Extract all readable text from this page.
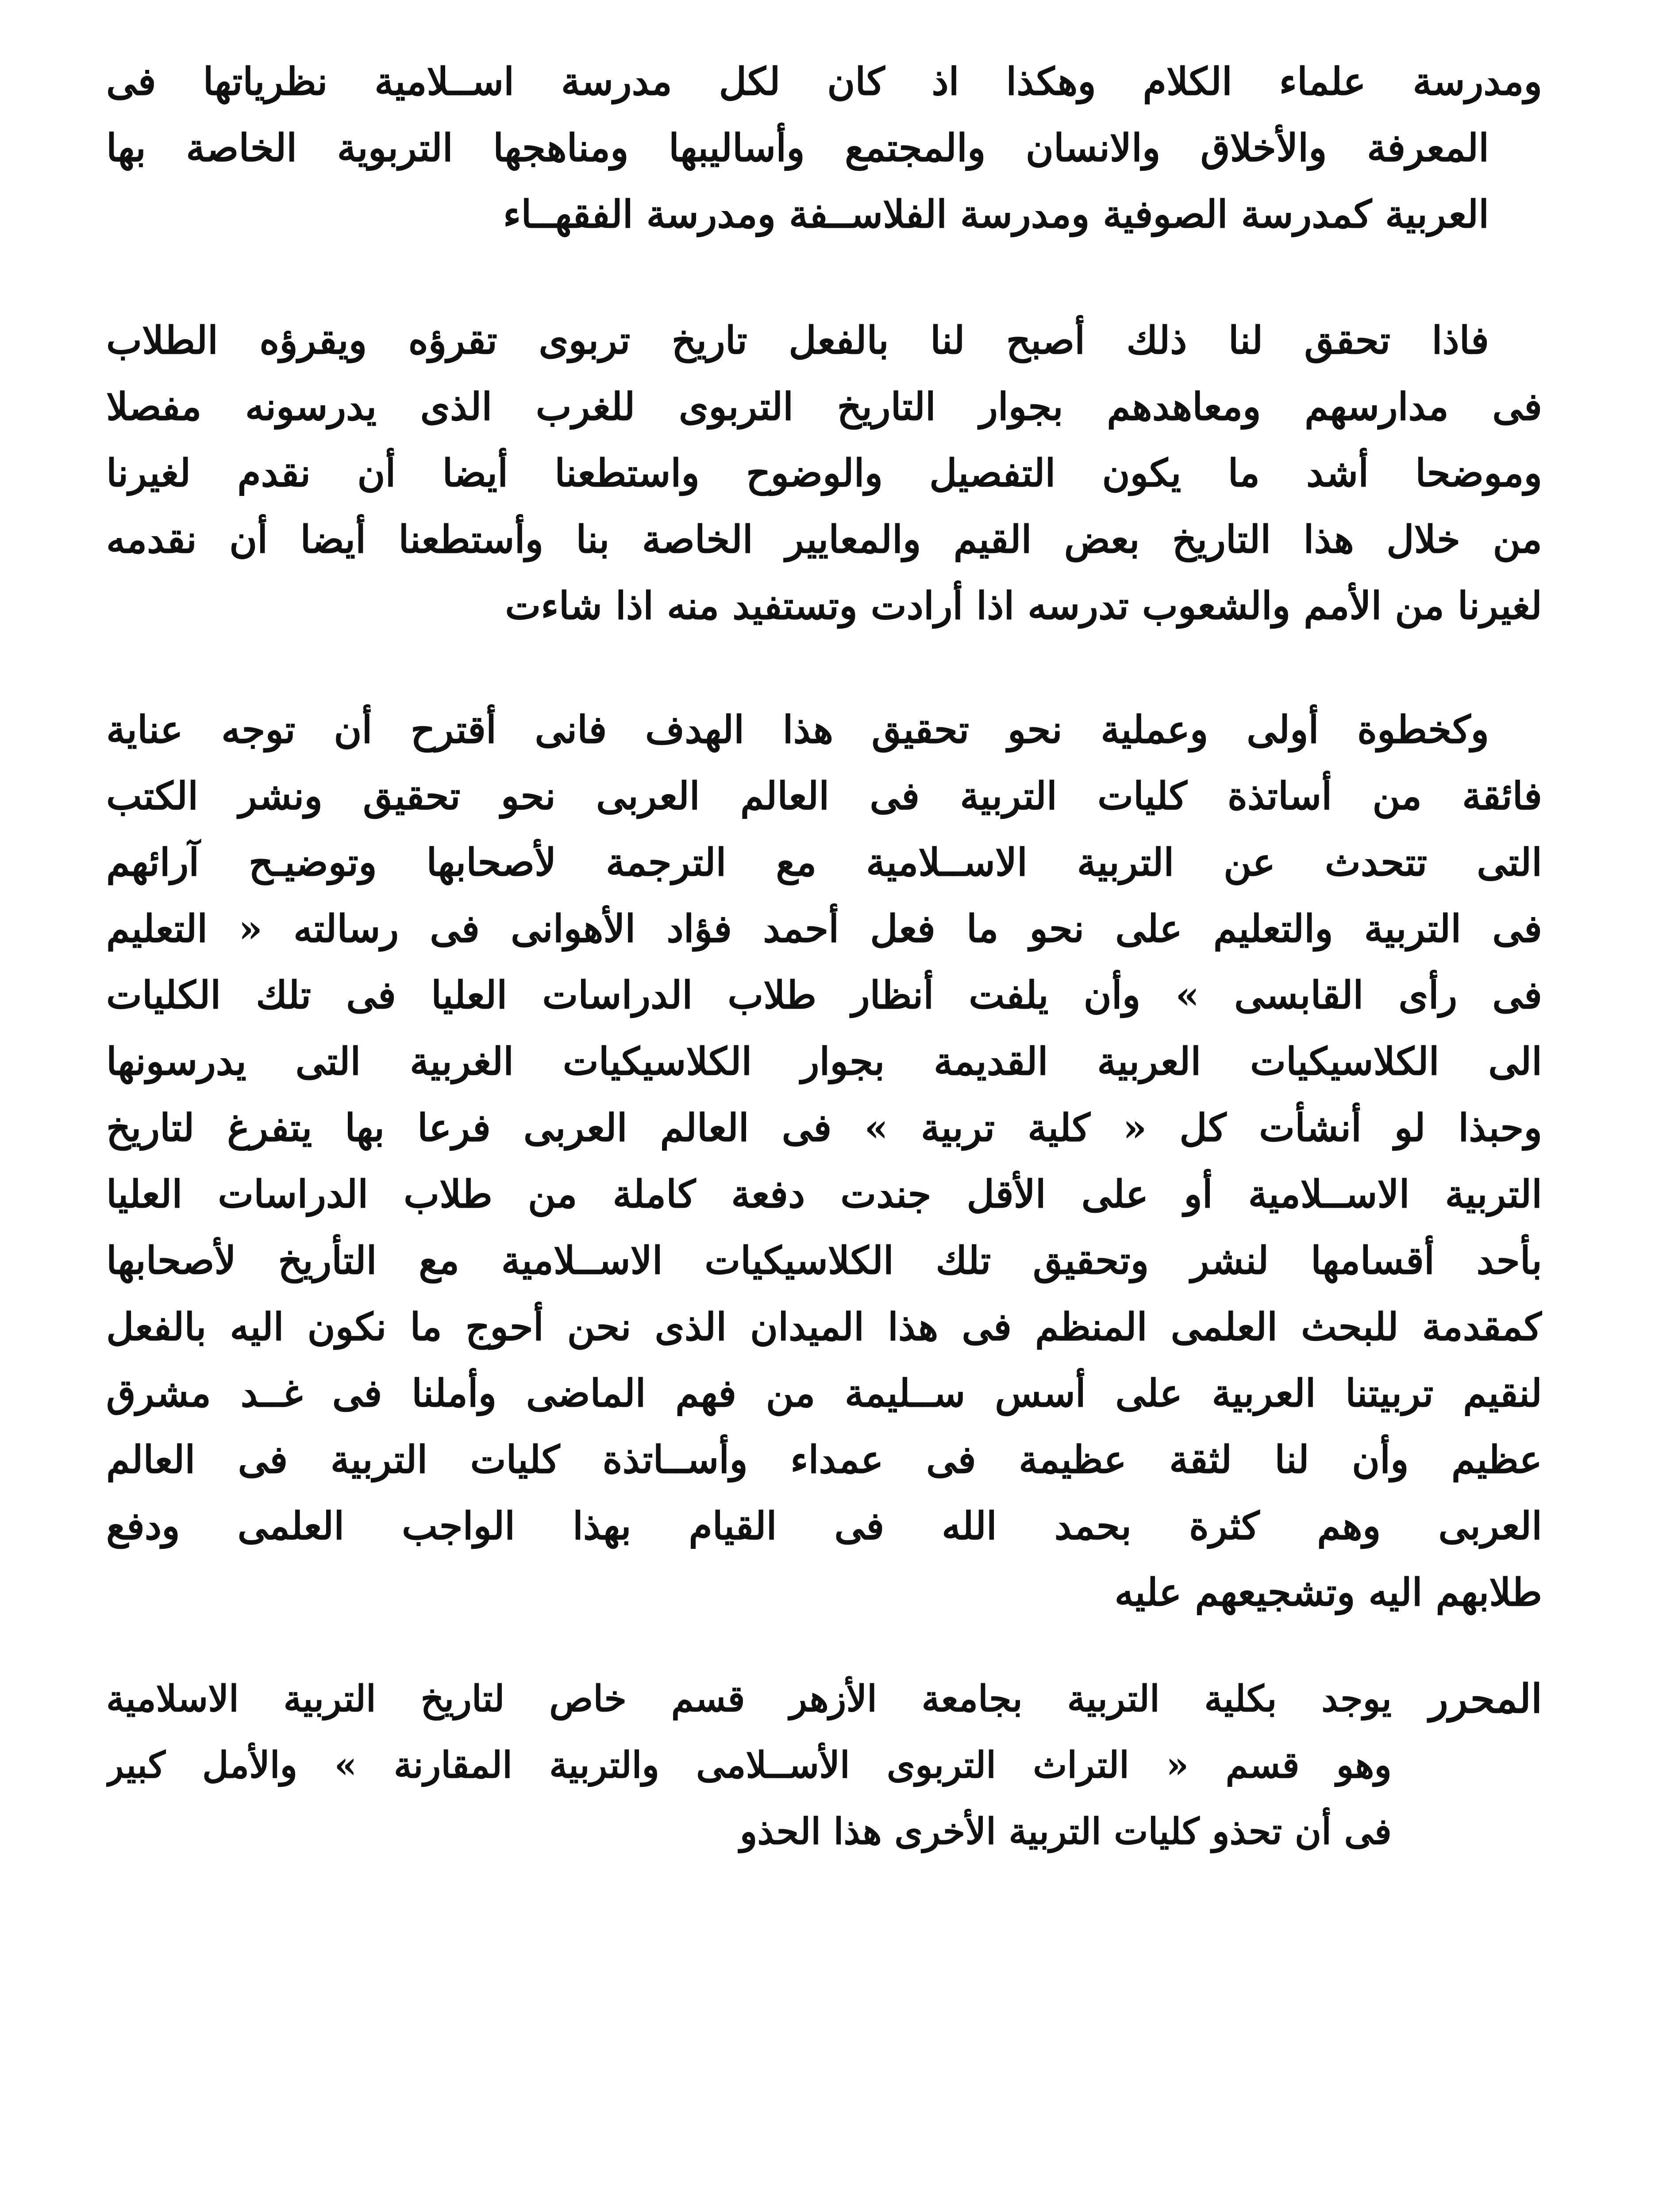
ومدرسة علماء الكلام وهكذا اذ كان لكل مدرسة اســلامية نظرياتها فى
المعرفة والأخلاق والانسان والمجتمع وأساليبها ومناهجها التربوية الخاصة بها
العربية كمدرسة الصوفية ومدرسة الفلاســفة ومدرسة الفقهــاء
فاذا تحقق لنا ذلك أصبح لنا بالفعل تاريخ تربوى تقرؤه ويقرؤه الطلاب
فى مدارسهم ومعاهدهم بجوار التاريخ التربوى للغرب الذى يدرسونه مفصلا
وموضحا أشد ما يكون التفصيل والوضوح واستطعنا أيضا أن نقدم لغيرنا
من خلال هذا التاريخ بعض القيم والمعايير الخاصة بنا وأستطعنا أيضا أن نقدمه
لغيرنا من الأمم والشعوب تدرسه اذا أرادت وتستفيد منه اذا شاءت
وكخطوة أولى وعملية نحو تحقيق هذا الهدف فانى أقترح أن توجه عناية
فائقة من أساتذة كليات التربية فى العالم العربى نحو تحقيق ونشر الكتب
التى تتحدث عن التربية الاســلامية مع الترجمة لأصحابها وتوضيـح آرائهم
فى التربية والتعليم على نحو ما فعل أحمد فؤاد الأهوانى فى رسالته « التعليم
فى رأى القابسى » وأن يلفت أنظار طلاب الدراسات العليا فى تلك الكليات
الى الكلاسيكيات العربية القديمة بجوار الكلاسيكيات الغربية التى يدرسونها
وحبذا لو أنشأت كل « كلية تربية » فى العالم العربى فرعا بها يتفرغ لتاريخ
التربية الاســلامية أو على الأقل جندت دفعة كاملة من طلاب الدراسات العليا
بأحد أقسامها لنشر وتحقيق تلك الكلاسيكيات الاســلامية مع التأريخ لأصحابها
كمقدمة للبحث العلمى المنظم فى هذا الميدان الذى نحن أحوج ما نكون اليه بالفعل
لنقيم تربيتنا العربية على أسس ســليمة من فهم الماضى وأملنا فى غــد مشرق
عظيم وأن لنا لثقة عظيمة فى عمداء وأســاتذة كليات التربية فى العالم
العربى وهم كثرة بحمد الله فى القيام بهذا الواجب العلمى ودفع
طلابهم اليه وتشجيعهم عليه
المحرر
يوجد بكلية التربية بجامعة الأزهر قسم خاص لتاريخ التربية الاسلامية
وهو قسم « التراث التربوى الأســلامى والتربية المقارنة » والأمل كبير
فى أن تحذو كليات التربية الأخرى هذا الحذو
